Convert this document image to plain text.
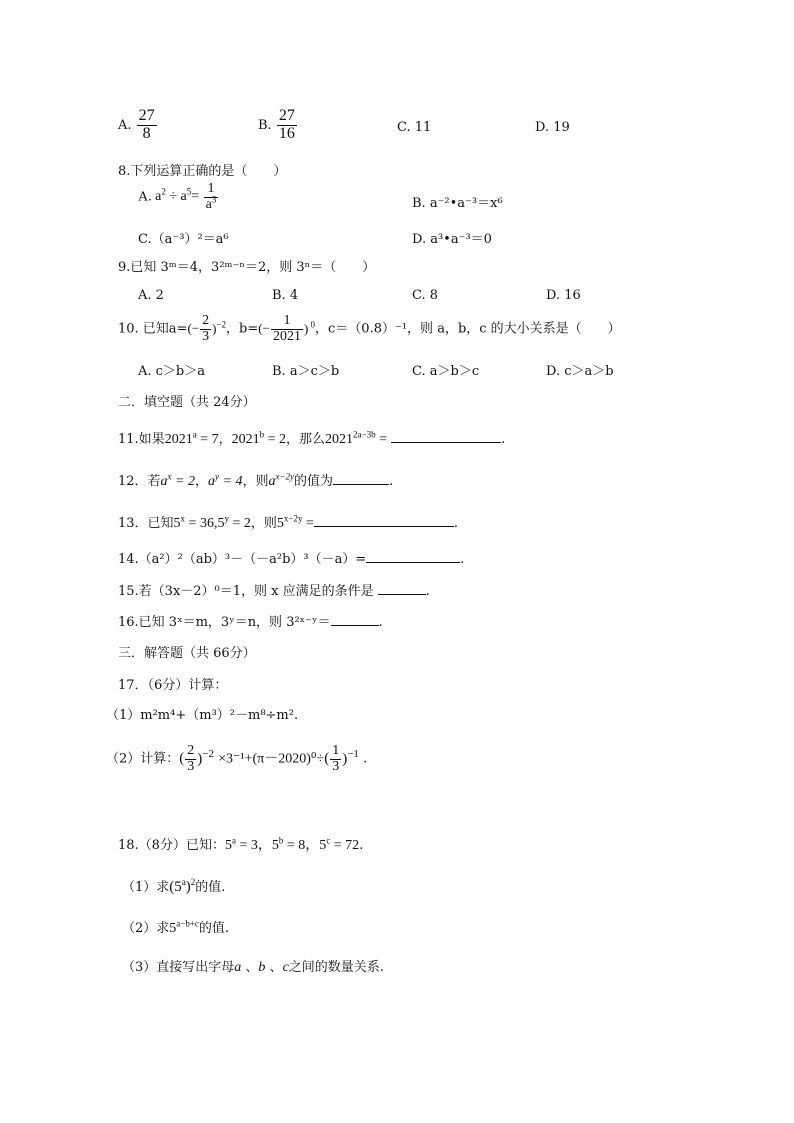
A. $\frac{27}{8}$	B. $\frac{27}{16}$	C. 11	D. 19
8.下列运算正确的是（　　）
A. $a^2 \div a^5= \frac{1}{a^3}$	B. a⁻²•a⁻³＝x⁶
C.（a⁻³）²＝a⁶	D. a³•a⁻³＝0
9.已知 3ᵐ＝4，3²ᵐ⁻ⁿ＝2，则 3ⁿ＝（　　）
A. 2	B. 4	C. 8	D. 16
10. 已知$a=(- \frac{2}{3} )^{-2}$，$b=(- \frac{1}{2021}$ ) $^0$，c＝（0.8）⁻¹，则 a，b，c 的大小关系是（　　）
A. c＞b＞a	B. a＞c＞b	C. a＞b＞c	D. c＞a＞b
二．填空题（共 24分）
11.如果$2021^a = 7$，$2021^b = 2$，那么$2021^{2a-3b}$ =	.
12．若$a^x = 2$，$a^y = 4$，则$a^{x-2y}$的值为	.
13．已知$5^x = 36,5^y = 2$，则$5^{x-2y}$ =	.
14.（a²）²（ab）³－（－a²b）³（－a）=	.
15.若（3x－2）⁰＝1，则 x 应满足的条件是	.
16.已知 3ˣ＝m，3ʸ＝n，则 3²ˣ⁻ʸ＝	.
三．解答题（共 66分）
17．（6分）计算：
（1）m²m⁴+（m³）²－m⁸÷m².
（2）计算：( $\frac{2}{3} )^{-2} \times 3^{-1}+(\pi-2020)^0\div( \frac{1}{3} )^{-1}$ .
18.（8分）已知：$5^a = 3$，$5^b = 8$，$5^c = 72$.
（1）求$(5^a)^2$的值.
（2）求$5^{a-b+c}$的值.
（3）直接写出字母a 、b 、c之间的数量关系.
